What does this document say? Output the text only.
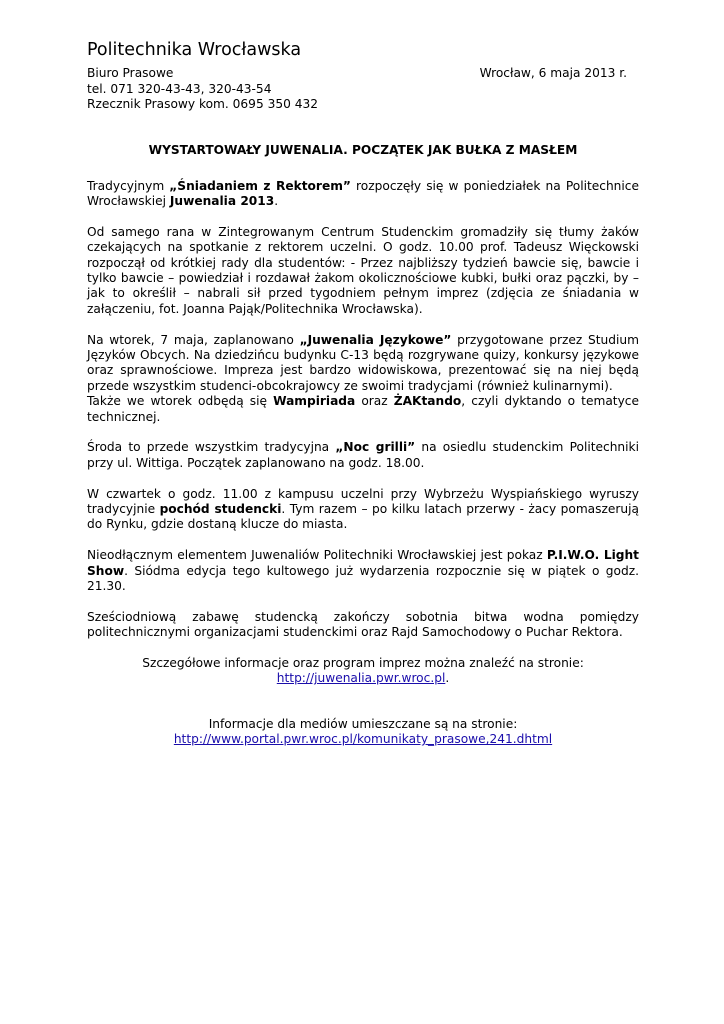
Politechnika Wrocławska
Biuro Prasowe
tel. 071 320-43-43, 320-43-54
Rzecznik Prasowy kom. 0695 350 432
Wrocław, 6 maja 2013 r.
WYSTARTOWAŁY JUWENALIA. POCZĄTEK JAK BUŁKA Z MASŁEM

Tradycyjnym „Śniadaniem z Rektorem” rozpoczęły się w poniedziałek na Politechnice Wrocławskiej Juwenalia 2013.

Od samego rana w Zintegrowanym Centrum Studenckim gromadziły się tłumy żaków czekających na spotkanie z rektorem uczelni. O godz. 10.00 prof. Tadeusz Więckowski rozpoczął od krótkiej rady dla studentów: - Przez najbliższy tydzień bawcie się, bawcie i tylko bawcie – powiedział i rozdawał żakom okolicznościowe kubki, bułki oraz pączki, by – jak to określił – nabrali sił przed tygodniem pełnym imprez (zdjęcia ze śniadania w załączeniu, fot. Joanna Pająk/Politechnika Wrocławska).

Na wtorek, 7 maja, zaplanowano „Juwenalia Językowe” przygotowane przez Studium Języków Obcych. Na dziedzińcu budynku C-13 będą rozgrywane quizy, konkursy językowe oraz sprawnościowe. Impreza jest bardzo widowiskowa, prezentować się na niej będą przede wszystkim studenci-obcokrajowcy ze swoimi tradycjami (również kulinarnymi).
Także we wtorek odbędą się Wampiriada oraz ŻAKtando, czyli dyktando o tematyce technicznej.

Środa to przede wszystkim tradycyjna „Noc grilli” na osiedlu studenckim Politechniki przy ul. Wittiga. Początek zaplanowano na godz. 18.00.

W czwartek o godz. 11.00 z kampusu uczelni przy Wybrzeżu Wyspiańskiego wyruszy tradycyjnie pochód studencki. Tym razem – po kilku latach przerwy - żacy pomaszerują do Rynku, gdzie dostaną klucze do miasta.

Nieodłącznym elementem Juwenaliów Politechniki Wrocławskiej jest pokaz P.I.W.O. Light Show. Siódma edycja tego kultowego już wydarzenia rozpocznie się w piątek o godz. 21.30.

Sześciodniową zabawę studencką zakończy sobotnia bitwa wodna pomiędzy politechnicznymi organizacjami studenckimi oraz Rajd Samochodowy o Puchar Rektora.

Szczegółowe informacje oraz program imprez można znaleźć na stronie:
http://juwenalia.pwr.wroc.pl.

Informacje dla mediów umieszczane są na stronie:
http://www.portal.pwr.wroc.pl/komunikaty_prasowe,241.dhtml
